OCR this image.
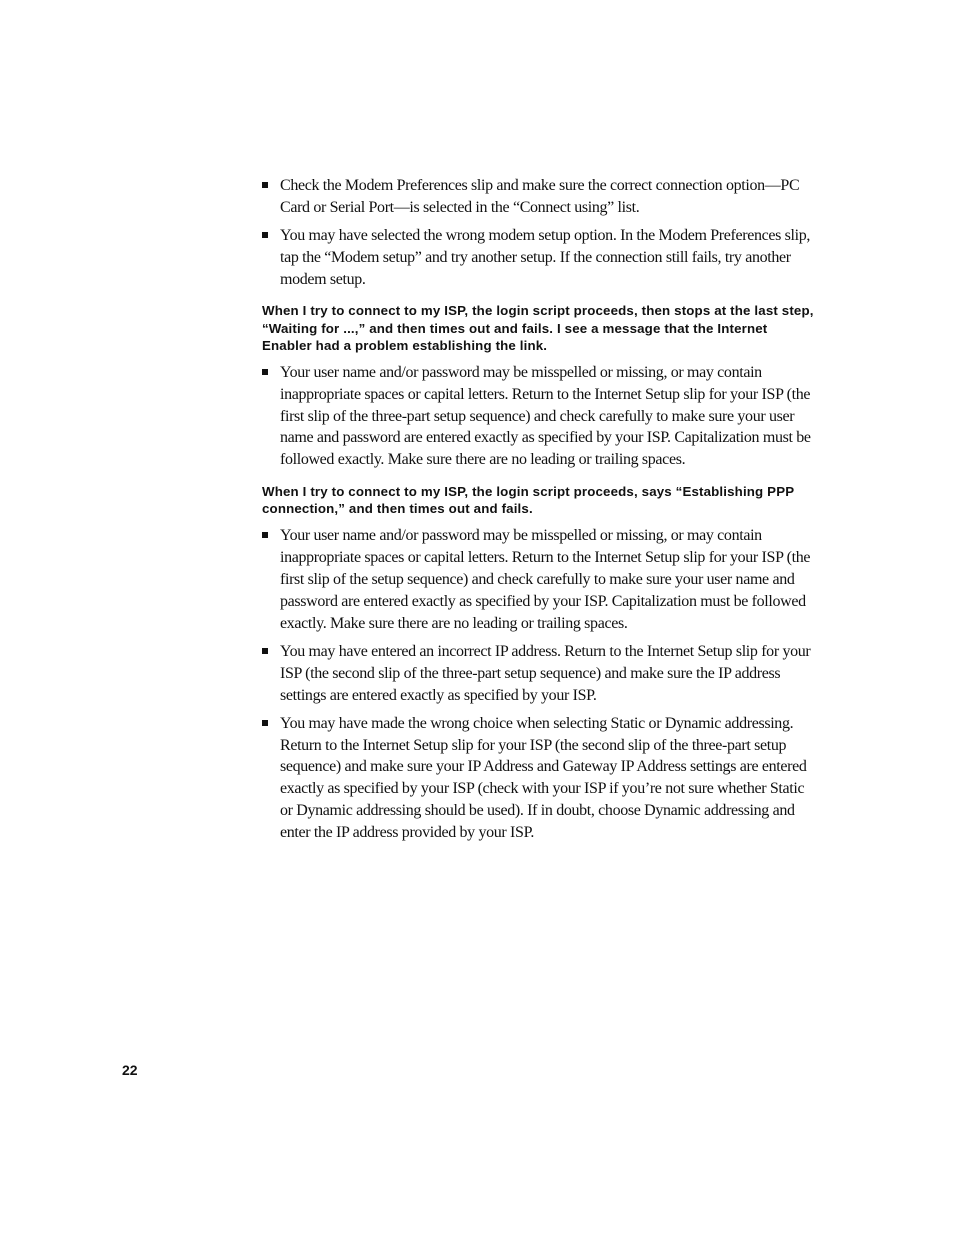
Check the Modem Preferences slip and make sure the correct connection option—PC Card or Serial Port—is selected in the “Connect using” list.
You may have selected the wrong modem setup option. In the Modem Preferences slip, tap the “Modem setup” and try another setup. If the connection still fails, try another modem setup.
When I try to connect to my ISP, the login script proceeds, then stops at the last step, “Waiting for ...,” and then times out and fails. I see a message that the Internet Enabler had a problem establishing the link.
Your user name and/or password may be misspelled or missing, or may contain inappropriate spaces or capital letters. Return to the Internet Setup slip for your ISP (the first slip of the three-part setup sequence) and check carefully to make sure your user name and password are entered exactly as specified by your ISP. Capitalization must be followed exactly. Make sure there are no leading or trailing spaces.
When I try to connect to my ISP, the login script proceeds, says “Establishing PPP connection,” and then times out and fails.
Your user name and/or password may be misspelled or missing, or may contain inappropriate spaces or capital letters. Return to the Internet Setup slip for your ISP (the first slip of the setup sequence) and check carefully to make sure your user name and password are entered exactly as specified by your ISP. Capitalization must be followed exactly. Make sure there are no leading or trailing spaces.
You may have entered an incorrect IP address. Return to the Internet Setup slip for your ISP (the second slip of the three-part setup sequence) and make sure the IP address settings are entered exactly as specified by your ISP.
You may have made the wrong choice when selecting Static or Dynamic addressing. Return to the Internet Setup slip for your ISP (the second slip of the three-part setup sequence) and make sure your IP Address and Gateway IP Address settings are entered exactly as specified by your ISP (check with your ISP if you’re not sure whether Static or Dynamic addressing should be used). If in doubt, choose Dynamic addressing and enter the IP address provided by your ISP.
22
